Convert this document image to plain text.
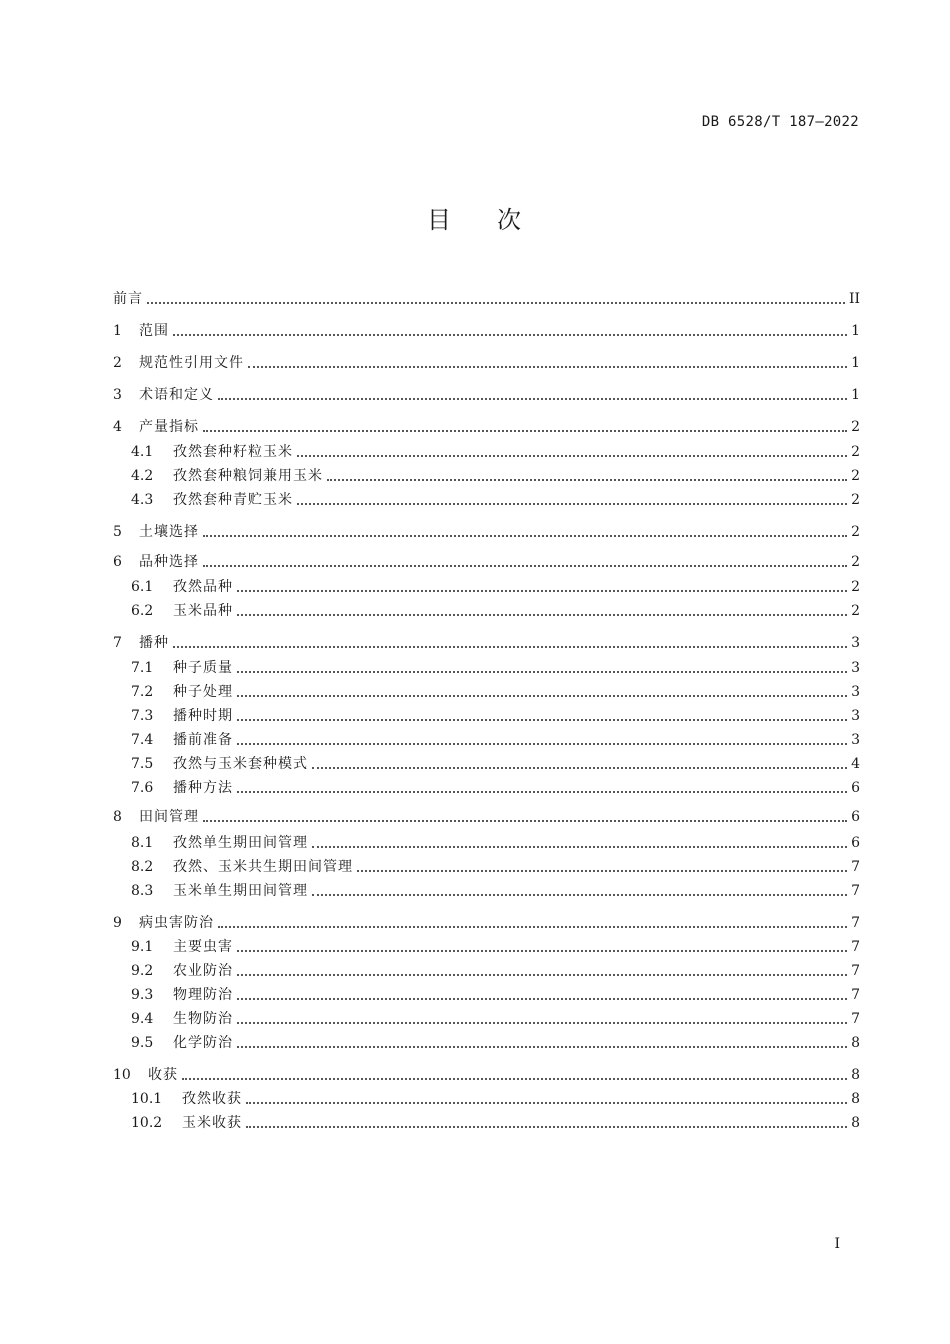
DB 6528/T 187—2022
目 次
前言	II
1	范围	1
2	规范性引用文件	1
3	术语和定义	1
4	产量指标	2
4.1	孜然套种籽粒玉米	2
4.2	孜然套种粮饲兼用玉米	2
4.3	孜然套种青贮玉米	2
5	土壤选择	2
6	品种选择	2
6.1	孜然品种	2
6.2	玉米品种	2
7	播种	3
7.1	种子质量	3
7.2	种子处理	3
7.3	播种时期	3
7.4	播前准备	3
7.5	孜然与玉米套种模式	4
7.6	播种方法	6
8	田间管理	6
8.1	孜然单生期田间管理	6
8.2	孜然、玉米共生期田间管理	7
8.3	玉米单生期田间管理	7
9	病虫害防治	7
9.1	主要虫害	7
9.2	农业防治	7
9.3	物理防治	7
9.4	生物防治	7
9.5	化学防治	8
10	收获	8
10.1	孜然收获	8
10.2	玉米收获	8
I
